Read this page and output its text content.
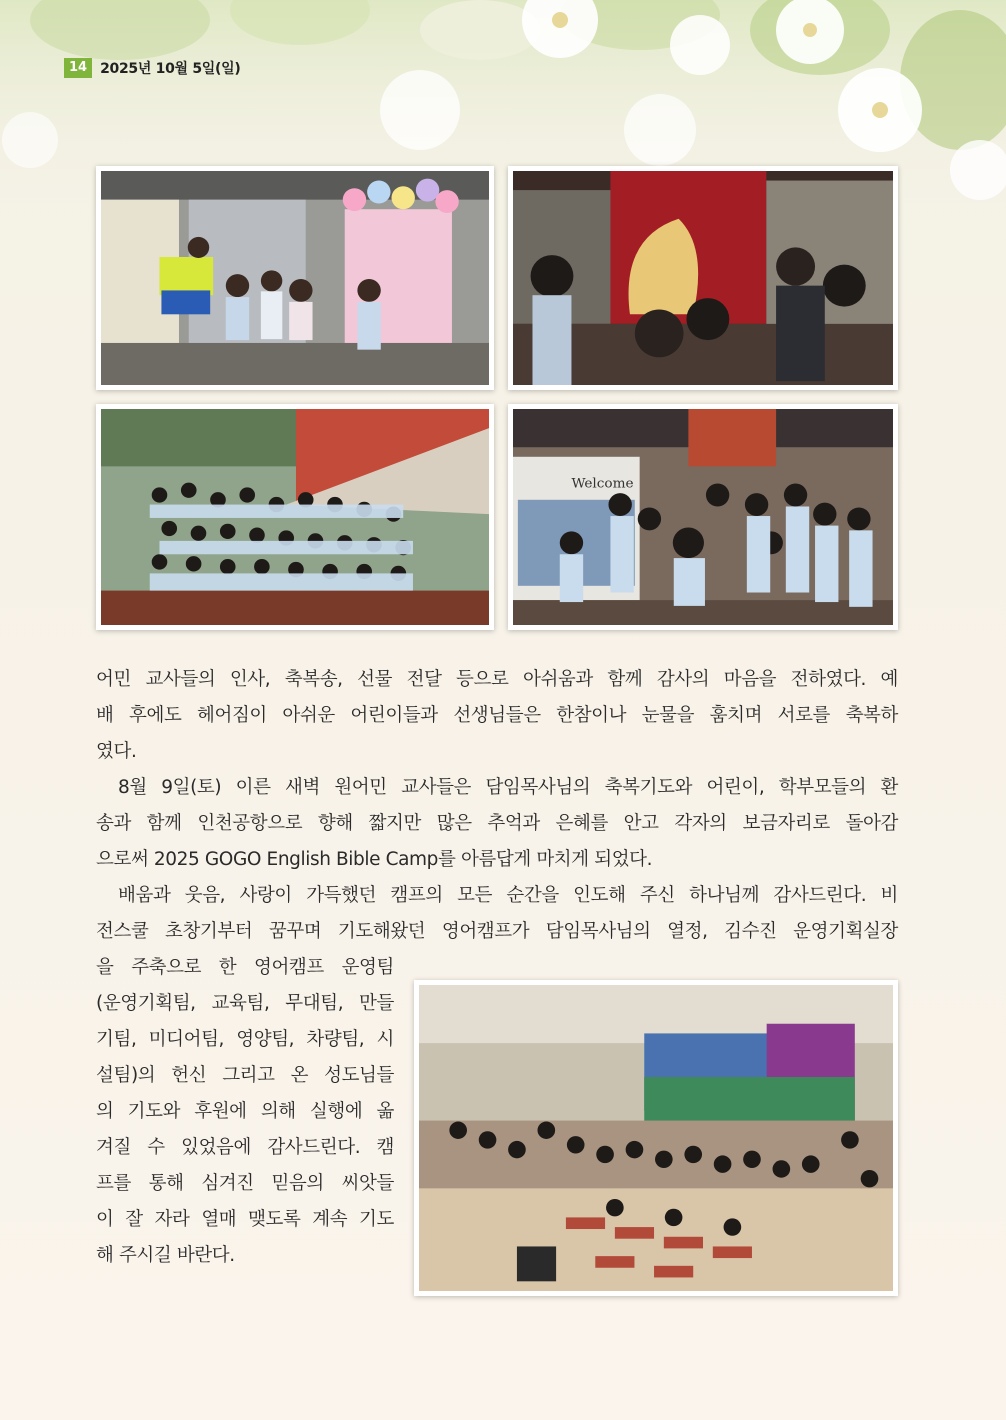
14 2025년 10월 5일(일)
Welcome
어민 교사들의 인사, 축복송, 선물 전달 등으로 아쉬움과 함께 감사의 마음을 전하였다. 예
배 후에도 헤어짐이 아쉬운 어린이들과 선생님들은 한참이나 눈물을 훔치며 서로를 축복하
였다.
8월 9일(토) 이른 새벽 원어민 교사들은 담임목사님의 축복기도와 어린이, 학부모들의 환
송과 함께 인천공항으로 향해 짧지만 많은 추억과 은혜를 안고 각자의 보금자리로 돌아감
으로써 2025 GOGO English Bible Camp를 아름답게 마치게 되었다.
배움과 웃음, 사랑이 가득했던 캠프의 모든 순간을 인도해 주신 하나님께 감사드린다. 비
전스쿨 초창기부터 꿈꾸며 기도해왔던 영어캠프가 담임목사님의 열정, 김수진 운영기획실장
을 주축으로 한 영어캠프 운영팀
(운영기획팀, 교육팀, 무대팀, 만들
기팀, 미디어팀, 영양팀, 차량팀, 시
설팀)의 헌신 그리고 온 성도님들
의 기도와 후원에 의해 실행에 옮
겨질 수 있었음에 감사드린다. 캠
프를 통해 심겨진 믿음의 씨앗들
이 잘 자라 열매 맺도록 계속 기도
해 주시길 바란다.
